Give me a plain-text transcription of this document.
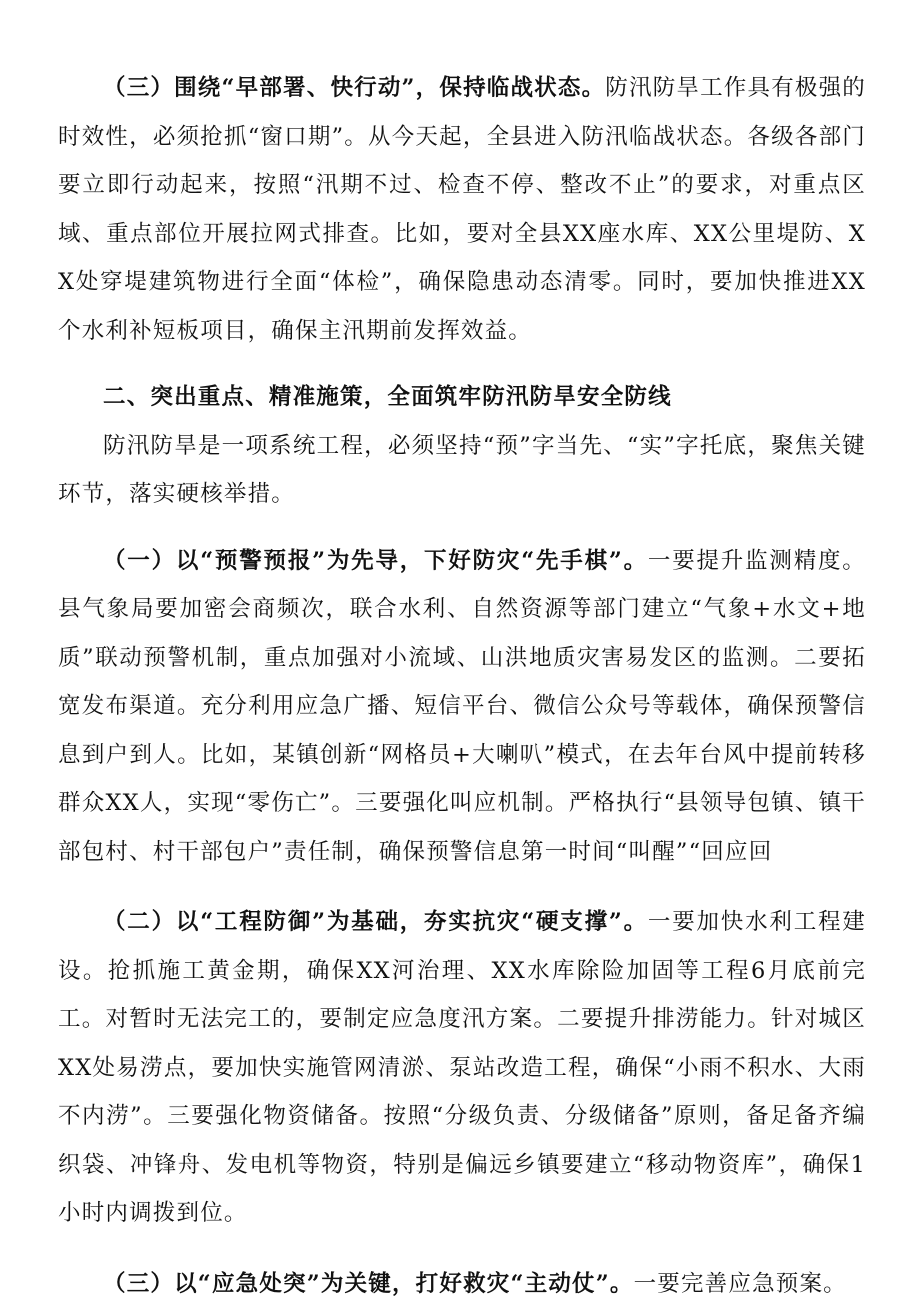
（三）围绕“早部署、快行动”，保持临战状态。防汛防旱工作具有极强的时效性，必须抢抓“窗口期”。从今天起，全县进入防汛临战状态。各级各部门要立即行动起来，按照“汛期不过、检查不停、整改不止”的要求，对重点区域、重点部位开展拉网式排查。比如，要对全县XX座水库、XX公里堤防、XX处穿堤建筑物进行全面“体检”，确保隐患动态清零。同时，要加快推进XX个水利补短板项目，确保主汛期前发挥效益。

二、突出重点、精准施策，全面筑牢防汛防旱安全防线

防汛防旱是一项系统工程，必须坚持“预”字当先、“实”字托底，聚焦关键环节，落实硬核举措。

（一）以“预警预报”为先导，下好防灾“先手棋”。一要提升监测精度。县气象局要加密会商频次，联合水利、自然资源等部门建立“气象+水文+地质”联动预警机制，重点加强对小流域、山洪地质灾害易发区的监测。二要拓宽发布渠道。充分利用应急广播、短信平台、微信公众号等载体，确保预警信息到户到人。比如，某镇创新“网格员+大喇叭”模式，在去年台风中提前转移群众XX人，实现“零伤亡”。三要强化叫应机制。严格执行“县领导包镇、镇干部包村、村干部包户”责任制，确保预警信息第一时间“叫醒”“回应回

（二）以“工程防御”为基础，夯实抗灾“硬支撑”。一要加快水利工程建设。抢抓施工黄金期，确保XX河治理、XX水库除险加固等工程6月底前完工。对暂时无法完工的，要制定应急度汛方案。二要提升排涝能力。针对城区XX处易涝点，要加快实施管网清淤、泵站改造工程，确保“小雨不积水、大雨不内涝”。三要强化物资储备。按照“分级负责、分级储备”原则，备足备齐编织袋、冲锋舟、发电机等物资，特别是偏远乡镇要建立“移动物资库”，确保1小时内调拨到位。

（三）以“应急处突”为关键，打好救灾“主动仗”。一要完善应急预案。
